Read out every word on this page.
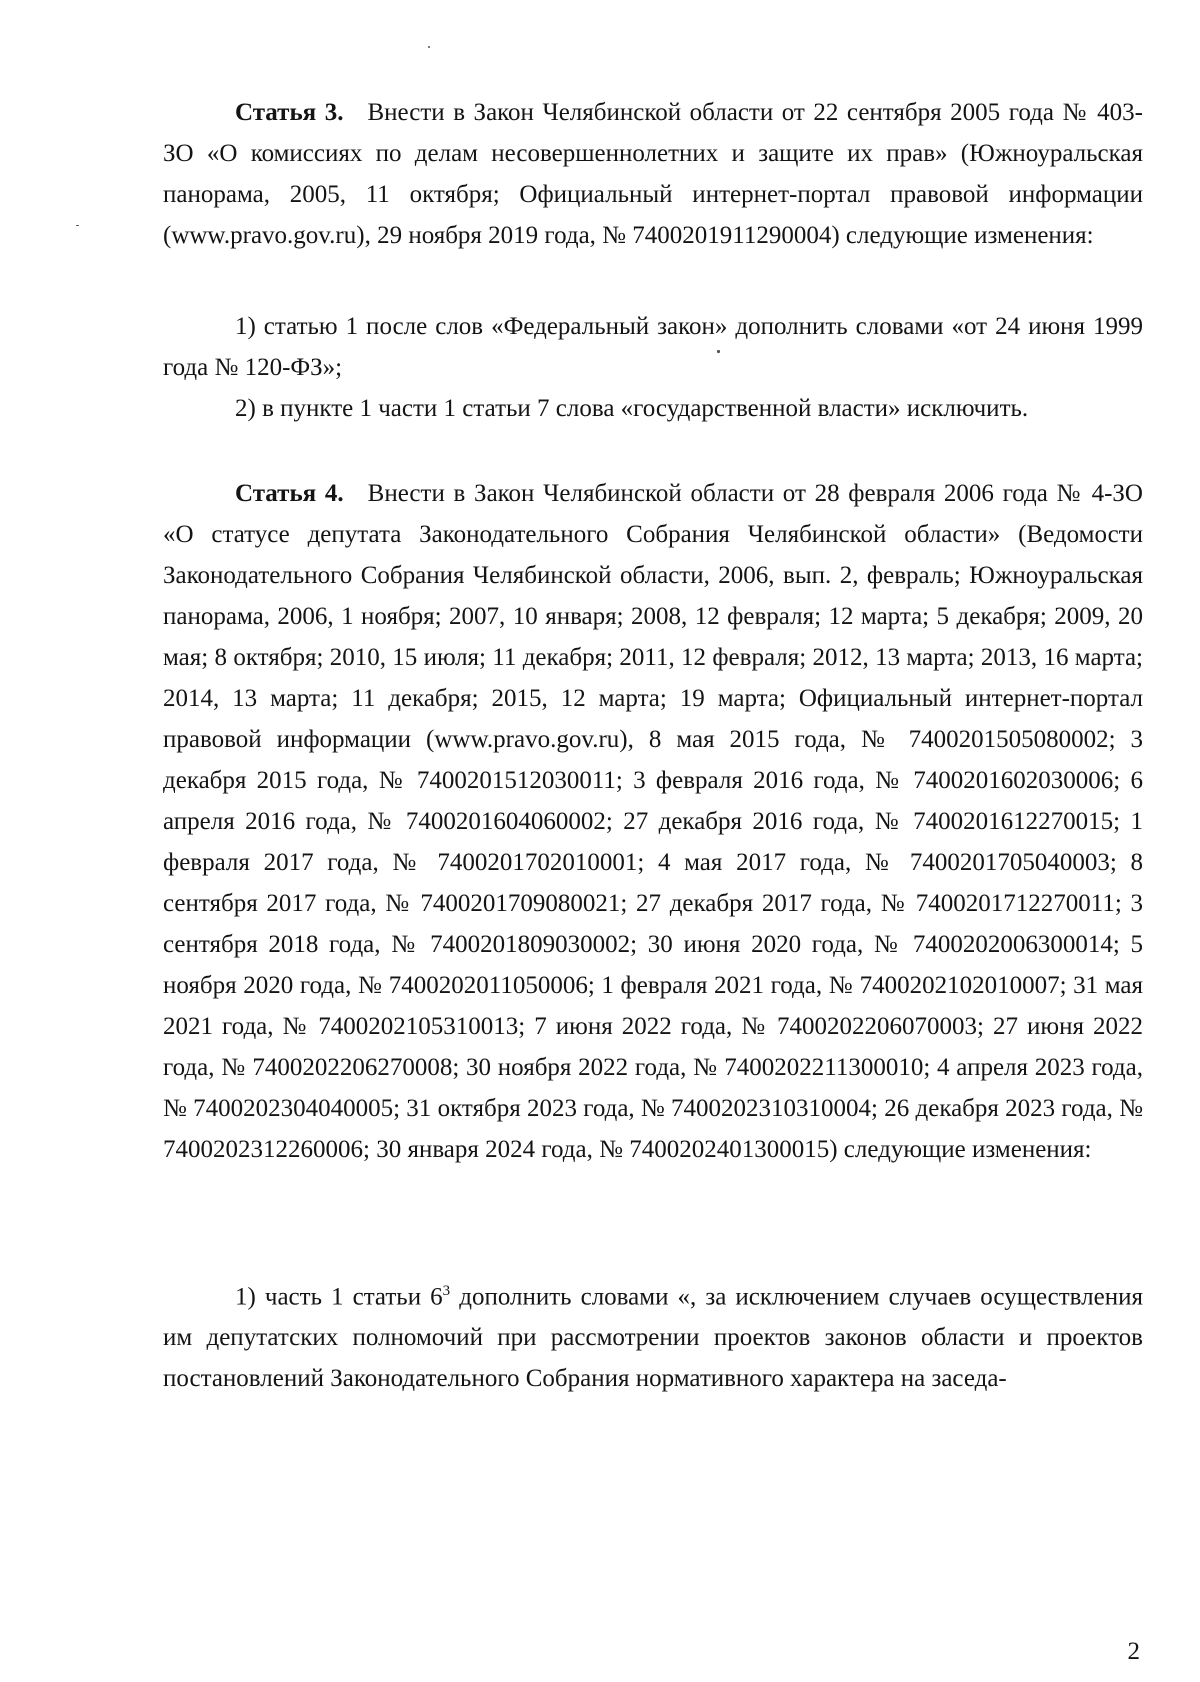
Статья 3. Внести в Закон Челябинской области от 22 сентября 2005 года № 403-ЗО «О комиссиях по делам несовершеннолетних и защите их прав» (Южноуральская панорама, 2005, 11 октября; Официальный интернет-портал правовой информации (www.pravo.gov.ru), 29 ноября 2019 года, № 7400201911290004) следующие изменения:

1) статью 1 после слов «Федеральный закон» дополнить словами «от 24 июня 1999 года № 120-ФЗ»;

2) в пункте 1 части 1 статьи 7 слова «государственной власти» исключить.

Статья 4. Внести в Закон Челябинской области от 28 февраля 2006 года № 4-ЗО «О статусе депутата Законодательного Собрания Челябинской области» (Ведомости Законодательного Собрания Челябинской области, 2006, вып. 2, февраль; Южноуральская панорама, 2006, 1 ноября; 2007, 10 января; 2008, 12 февраля; 12 марта; 5 декабря; 2009, 20 мая; 8 октября; 2010, 15 июля; 11 декабря; 2011, 12 февраля; 2012, 13 марта; 2013, 16 марта; 2014, 13 марта; 11 декабря; 2015, 12 марта; 19 марта; Официальный интернет-портал правовой информации (www.pravo.gov.ru), 8 мая 2015 года, № 7400201505080002; 3 декабря 2015 года, № 7400201512030011; 3 февраля 2016 года, № 7400201602030006; 6 апреля 2016 года, № 7400201604060002; 27 декабря 2016 года, № 7400201612270015; 1 февраля 2017 года, № 7400201702010001; 4 мая 2017 года, № 7400201705040003; 8 сентября 2017 года, № 7400201709080021; 27 декабря 2017 года, № 7400201712270011; 3 сентября 2018 года, № 7400201809030002; 30 июня 2020 года, № 7400202006300014; 5 ноября 2020 года, № 7400202011050006; 1 февраля 2021 года, № 7400202102010007; 31 мая 2021 года, № 7400202105310013; 7 июня 2022 года, № 7400202206070003; 27 июня 2022 года, № 7400202206270008; 30 ноября 2022 года, № 7400202211300010; 4 апреля 2023 года, № 7400202304040005; 31 октября 2023 года, № 7400202310310004; 26 декабря 2023 года, № 7400202312260006; 30 января 2024 года, № 7400202401300015) следующие изменения:

1) часть 1 статьи $6^3$ дополнить словами «, за исключением случаев осуществления им депутатских полномочий при рассмотрении проектов законов области и проектов постановлений Законодательного Собрания нормативного характера на заседа-

2
